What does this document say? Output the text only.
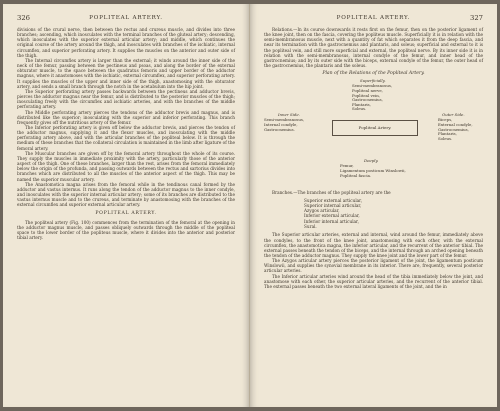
326	POPLITEAL ARTERY.

divisions of the crural nerve, then between the rectus and crureus muscle, and divides into three branches; ascending, which inosculates with the terminal branches of the gluteal artery; descending, which inosculates with the superior external articular artery; and middle, which continues the original course of the artery around the thigh, and inosculates with branches of the ischiatic, internal circumflex, and superior perforating artery. It supplies the muscles on the anterior and outer side of the thigh.

The Internal circumflex artery is larger than the external; it winds around the inner side of the neck of the femur, passing between the pectineus and psoas, and along the border of the external obturator muscle, to the space between the quadratus femoris and upper border of the adductor magnus, where it anastomoses with the ischiatic, external circumflex, and superior perforating artery. It supplies the muscles of the upper and inner side of the thigh, anastomosing with the obturator artery, and sends a small branch through the notch in the acetabulum into the hip joint.

The Superior perforating artery passes backwards between the pectineus and adductor brevis, pierces the adductor magnus near the femur, and is distributed to the posterior muscles of the thigh; inosculating freely with the circumflex and ischiatic arteries, and with the branches of the middle perforating artery.

The Middle perforating artery pierces the tendons of the adductor brevis and magnus, and is distributed like the superior; inosculating with the superior and inferior perforating. This branch frequently gives off the nutritious artery of the femur.

The Inferior perforating artery is given off below the adductor brevis, and pierces the tendon of the adductor magnus, supplying it and the flexor muscles, and inosculating with the middle perforating artery above, and with the articular branches of the popliteal below. It is through the medium of these branches that the collateral circulation is maintained in the limb after ligature of the femoral artery.

The Muscular branches are given off by the femoral artery throughout the whole of its course. They supply the muscles in immediate proximity with the artery, particularly those of the anterior aspect of the thigh. One of these branches, larger than the rest, arises from the femoral immediately below the origin of the profunda, and passing outwards between the rectus and sartorius divides into branches which are distributed to all the muscles of the anterior aspect of the thigh. This may be named the superior muscular artery.

The Anastomotica magna arises from the femoral while in the tendinous canal formed by the adductor and vastus internus. It runs along the tendon of the adductor magnus to the inner condyle, and inosculates with the superior internal articular artery; some of its branches are distributed to the vastus internus muscle and to the crureus, and terminate by anastomosing with the branches of the external circumflex and superior external articular artery.

POPLITEAL ARTERY.

The popliteal artery (Fig. 100) commences from the termination of the femoral at the opening in the adductor magnus muscle, and passes obliquely outwards through the middle of the popliteal space to the lower border of the popliteus muscle, where it divides into the anterior and posterior tibial artery.

POPLITEAL ARTERY.	327

Relations.—In its course downwards it rests first on the femur, then on the posterior ligament of the knee joint, then on the fascia, covering the popliteus muscle. Superficially it is in relation with the semi-membranosus muscle, next with a quantity of fat which separates it from the deep fascia, and near its termination with the gastrocnemius and plantaris, and soleus; superficial and external to it is the popliteal vein, and still more superficial and external, the popliteal nerve. By its inner side it is in relation with the semi-membranosus, internal condyle of the femur, and inner head of the gastrocnemius; and by its outer side with the biceps, external condyle of the femur, the outer head of the gastrocnemius, the plantaris and the soleus.

Plan of the Relations of the Popliteal Artery.
Superficially.
Semi-membranosus,
Popliteal nerve,
Popliteal vein,
Gastrocnemius,
Plantaris,
Soleus.
Inner Side.
Semi-membranosus,
Internal condyle,
Gastrocnemius.	Popliteal Artery.
Outer Side.
Biceps,
External condyle,
Gastrocnemius,
Plantaris,
Soleus.
Deeply.
Femur,
Ligamentum posticum Winslowii,
Popliteal fascia.

Branches.—The branches of the popliteal artery are the

Superior external articular,
Superior internal articular,
Azygos articular,
Inferior external articular,
Inferior internal articular,
Sural.

The Superior articular arteries, external and internal, wind around the femur, immediately above the condyles, to the front of the knee joint, anastomosing with each other, with the external circumflex, the anastomotica magna, the inferior articular, and the recurrent of the anterior tibial. The external passes beneath the tendon of the biceps, and the internal through an arched opening beneath the tendon of the adductor magnus. They supply the knee joint and the lower part of the femur.

The Azygos articular artery pierces the posterior ligament of the joint, the ligamentum posticum Winslowii, and supplies the synovial membrane in its interior. There are, frequently, several posterior articular arteries.

The Inferior articular arteries wind around the head of the tibia immediately below the joint, and anastomose with each other, the superior articular arteries, and the recurrent of the anterior tibial. The external passes beneath the two external lateral ligaments of the joint, and the in
